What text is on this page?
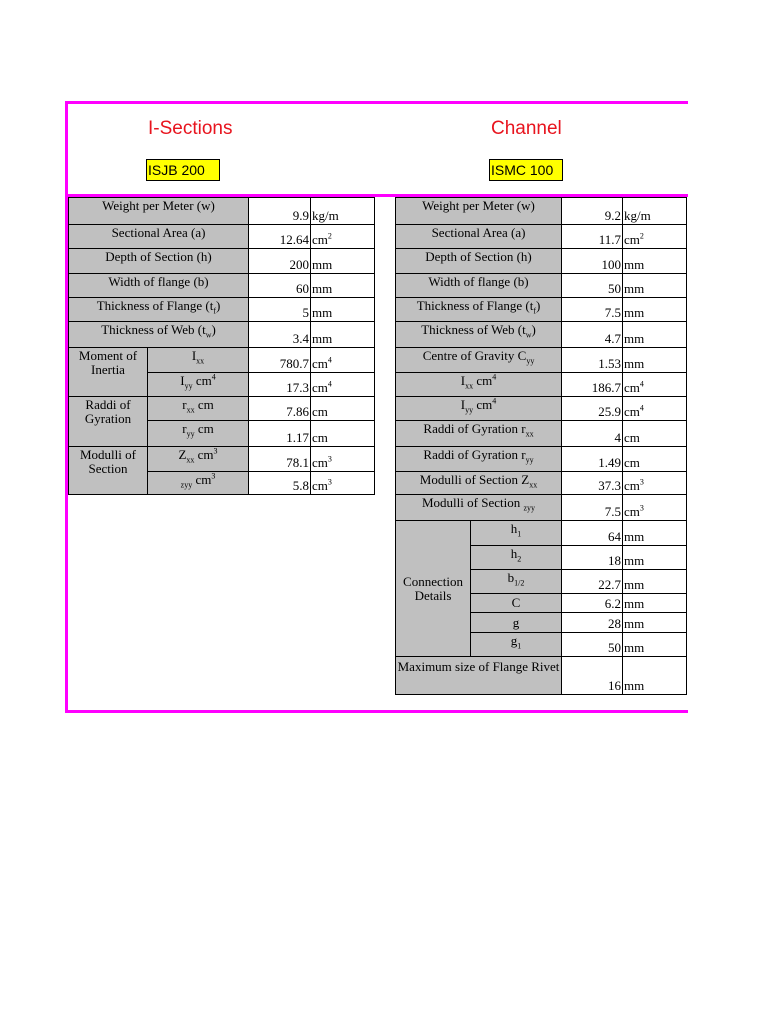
I-Sections	Channel
ISJB 200	ISMC 100
Weight per Meter (w)		9.9	kg/m
Sectional Area (a)		12.64	$cm^2$
Depth of Section (h)		200	mm
Width of flange (b)		60	mm
Thickness of Flange $(t_f)$		5	mm
Thickness of Web $(t_w)$		3.4	mm
Moment of Inertia	$I_{xx}$	780.7	$cm^4$
	$I_{yy}$ $cm^4$	17.3	$cm^4$
Raddi of Gyration	$r_{xx}$ cm	7.86	cm
	$r_{yy}$ cm	1.17	cm
Modulli of Section	$Z_{xx}$ $cm^3$	78.1	$cm^3$
	$_{zyy}$ $cm^3$	5.8	$cm^3$
Weight per Meter (w)		9.2	kg/m
Sectional Area (a)		11.7	$cm^2$
Depth of Section (h)		100	mm
Width of flange (b)		50	mm
Thickness of Flange $(t_f)$		7.5	mm
Thickness of Web $(t_w)$		4.7	mm
Centre of Gravity $C_{yy}$		1.53	mm
$I_{xx}$ $cm^4$		186.7	$cm^4$
$I_{yy}$ $cm^4$		25.9	$cm^4$
Raddi of Gyration $r_{xx}$		4	cm
Raddi of Gyration $r_{yy}$		1.49	cm
Modulli of Section $Z_{xx}$		37.3	$cm^3$
Modulli of Section $_{zyy}$		7.5	$cm^3$
Connection Details	$h_1$	64	mm
	$h_2$	18	mm
	$b_{1/2}$	22.7	mm
	C	6.2	mm
	g	28	mm
	$g_1$	50	mm
Maximum size of Flange Rivet		16	mm
